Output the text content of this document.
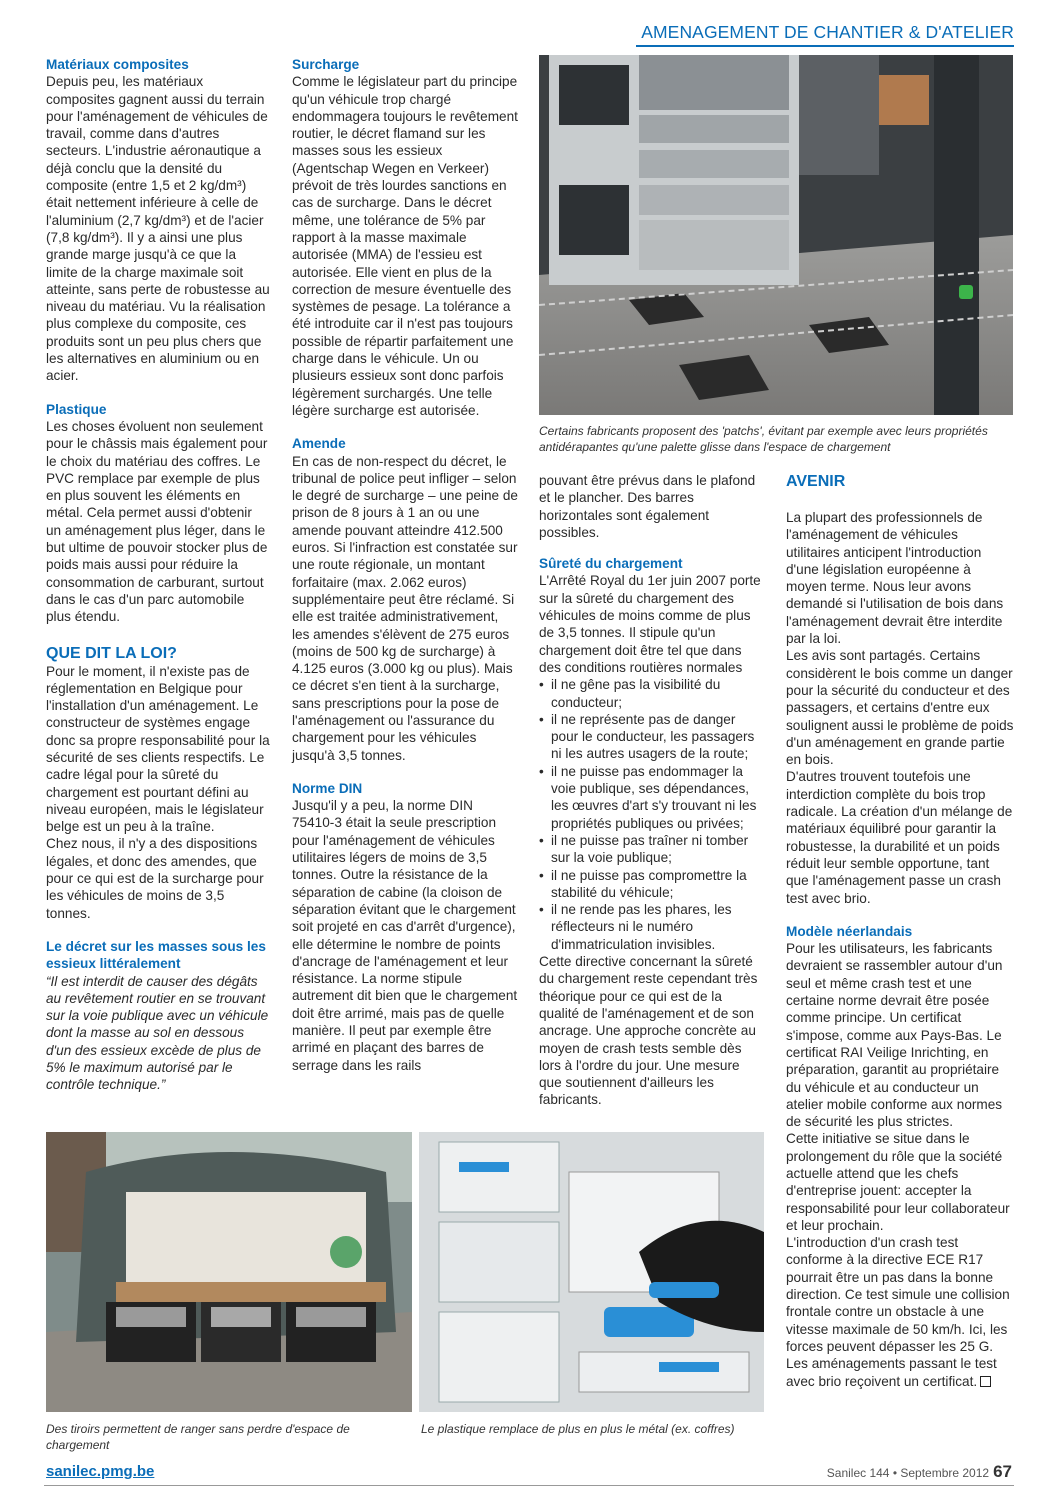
AMENAGEMENT DE CHANTIER & D'ATELIER

Matériaux composites

Depuis peu, les matériaux composites gagnent aussi du terrain pour l'aménagement de véhicules de travail, comme dans d'autres secteurs. L'industrie aéronautique a déjà conclu que la densité du composite (entre 1,5 et 2 kg/dm³) était nettement inférieure à celle de l'aluminium (2,7 kg/dm³) et de l'acier (7,8 kg/dm³). Il y a ainsi une plus grande marge jusqu'à ce que la limite de la charge maximale soit atteinte, sans perte de robustesse au niveau du matériau. Vu la réalisation plus complexe du composite, ces produits sont un peu plus chers que les alternatives en aluminium ou en acier.

Plastique

Les choses évoluent non seulement pour le châssis mais également pour le choix du matériau des coffres. Le PVC remplace par exemple de plus en plus souvent les éléments en métal. Cela permet aussi d'obtenir un aménagement plus léger, dans le but ultime de pouvoir stocker plus de poids mais aussi pour réduire la consommation de carburant, surtout dans le cas d'un parc automobile plus étendu.

QUE DIT LA LOI?

Pour le moment, il n'existe pas de réglementation en Belgique pour l'installation d'un aménagement. Le constructeur de systèmes engage donc sa propre responsabilité pour la sécurité de ses clients respectifs. Le cadre légal pour la sûreté du chargement est pourtant défini au niveau européen, mais le législateur belge est un peu à la traîne.

Chez nous, il n'y a des dispositions légales, et donc des amendes, que pour ce qui est de la surcharge pour les véhicules de moins de 3,5 tonnes.

Le décret sur les masses sous les essieux littéralement

“Il est interdit de causer des dégâts au revêtement routier en se trouvant sur la voie publique avec un véhicule dont la masse au sol en dessous d'un des essieux excède de plus de 5% le maximum autorisé par le contrôle technique.”

Surcharge

Comme le législateur part du principe qu'un véhicule trop chargé endommagera toujours le revêtement routier, le décret flamand sur les masses sous les essieux (Agentschap Wegen en Verkeer) prévoit de très lourdes sanctions en cas de surcharge. Dans le décret même, une tolérance de 5% par rapport à la masse maximale autorisée (MMA) de l'essieu est autorisée. Elle vient en plus de la correction de mesure éventuelle des systèmes de pesage. La tolérance a été introduite car il n'est pas toujours possible de répartir parfaitement une charge dans le véhicule. Un ou plusieurs essieux sont donc parfois légèrement surchargés. Une telle légère surcharge est autorisée.

Amende

En cas de non-respect du décret, le tribunal de police peut infliger – selon le degré de surcharge – une peine de prison de 8 jours à 1 an ou une amende pouvant atteindre 412.500 euros. Si l'infraction est constatée sur une route régionale, un montant forfaitaire (max. 2.062 euros) supplémentaire peut être réclamé. Si elle est traitée administrativement, les amendes s'élèvent de 275 euros (moins de 500 kg de surcharge) à 4.125 euros (3.000 kg ou plus). Mais ce décret s'en tient à la surcharge, sans prescriptions pour la pose de l'aménagement ou l'assurance du chargement pour les véhicules jusqu'à 3,5 tonnes.

Norme DIN

Jusqu'il y a peu, la norme DIN 75410-3 était la seule prescription pour l'aménagement de véhicules utilitaires légers de moins de 3,5 tonnes. Outre la résistance de la séparation de cabine (la cloison de séparation évitant que le chargement soit projeté en cas d'arrêt d'urgence), elle détermine le nombre de points d'ancrage de l'aménagement et leur résistance. La norme stipule autrement dit bien que le chargement doit être arrimé, mais pas de quelle manière. Il peut par exemple être arrimé en plaçant des barres de serrage dans les rails

Certains fabricants proposent des 'patchs', évitant par exemple avec leurs propriétés antidérapantes qu'une palette glisse dans l'espace de chargement

pouvant être prévus dans le plafond et le plancher. Des barres horizontales sont également possibles.

Sûreté du chargement

L'Arrêté Royal du 1er juin 2007 porte sur la sûreté du chargement des véhicules de moins comme de plus de 3,5 tonnes. Il stipule qu'un chargement doit être tel que dans des conditions routières normales

• il ne gêne pas la visibilité du conducteur;
• il ne représente pas de danger pour le conducteur, les passagers ni les autres usagers de la route;
• il ne puisse pas endommager la voie publique, ses dépendances, les œuvres d'art s'y trouvant ni les propriétés publiques ou privées;
• il ne puisse pas traîner ni tomber sur la voie publique;
• il ne puisse pas compromettre la stabilité du véhicule;
• il ne rende pas les phares, les réflecteurs ni le numéro d'immatriculation invisibles.

Cette directive concernant la sûreté du chargement reste cependant très théorique pour ce qui est de la qualité de l'aménagement et de son ancrage. Une approche concrète au moyen de crash tests semble dès lors à l'ordre du jour. Une mesure que soutiennent d'ailleurs les fabricants.

AVENIR

La plupart des professionnels de l'aménagement de véhicules utilitaires anticipent l'introduction d'une législation européenne à moyen terme. Nous leur avons demandé si l'utilisation de bois dans l'aménagement devrait être interdite par la loi.

Les avis sont partagés. Certains considèrent le bois comme un danger pour la sécurité du conducteur et des passagers, et certains d'entre eux soulignent aussi le problème de poids d'un aménagement en grande partie en bois.

D'autres trouvent toutefois une interdiction complète du bois trop radicale. La création d'un mélange de matériaux équilibré pour garantir la robustesse, la durabilité et un poids réduit leur semble opportune, tant que l'aménagement passe un crash test avec brio.

Modèle néerlandais

Pour les utilisateurs, les fabricants devraient se rassembler autour d'un seul et même crash test et une certaine norme devrait être posée comme principe. Un certificat s'impose, comme aux Pays-Bas. Le certificat RAI Veilige Inrichting, en préparation, garantit au propriétaire du véhicule et au conducteur un atelier mobile conforme aux normes de sécurité les plus strictes.

Cette initiative se situe dans le prolongement du rôle que la société actuelle attend que les chefs d'entreprise jouent: accepter la responsabilité pour leur collaborateur et leur prochain.

L'introduction d'un crash test conforme à la directive ECE R17 pourrait être un pas dans la bonne direction. Ce test simule une collision frontale contre un obstacle à une vitesse maximale de 50 km/h. Ici, les forces peuvent dépasser les 25 G. Les aménagements passant le test avec brio reçoivent un certificat.

Des tiroirs permettent de ranger sans perdre d'espace de chargement
Le plastique remplace de plus en plus le métal (ex. coffres)
sanilec.pmg.be	Sanilec 144 • Septembre 2012 67
